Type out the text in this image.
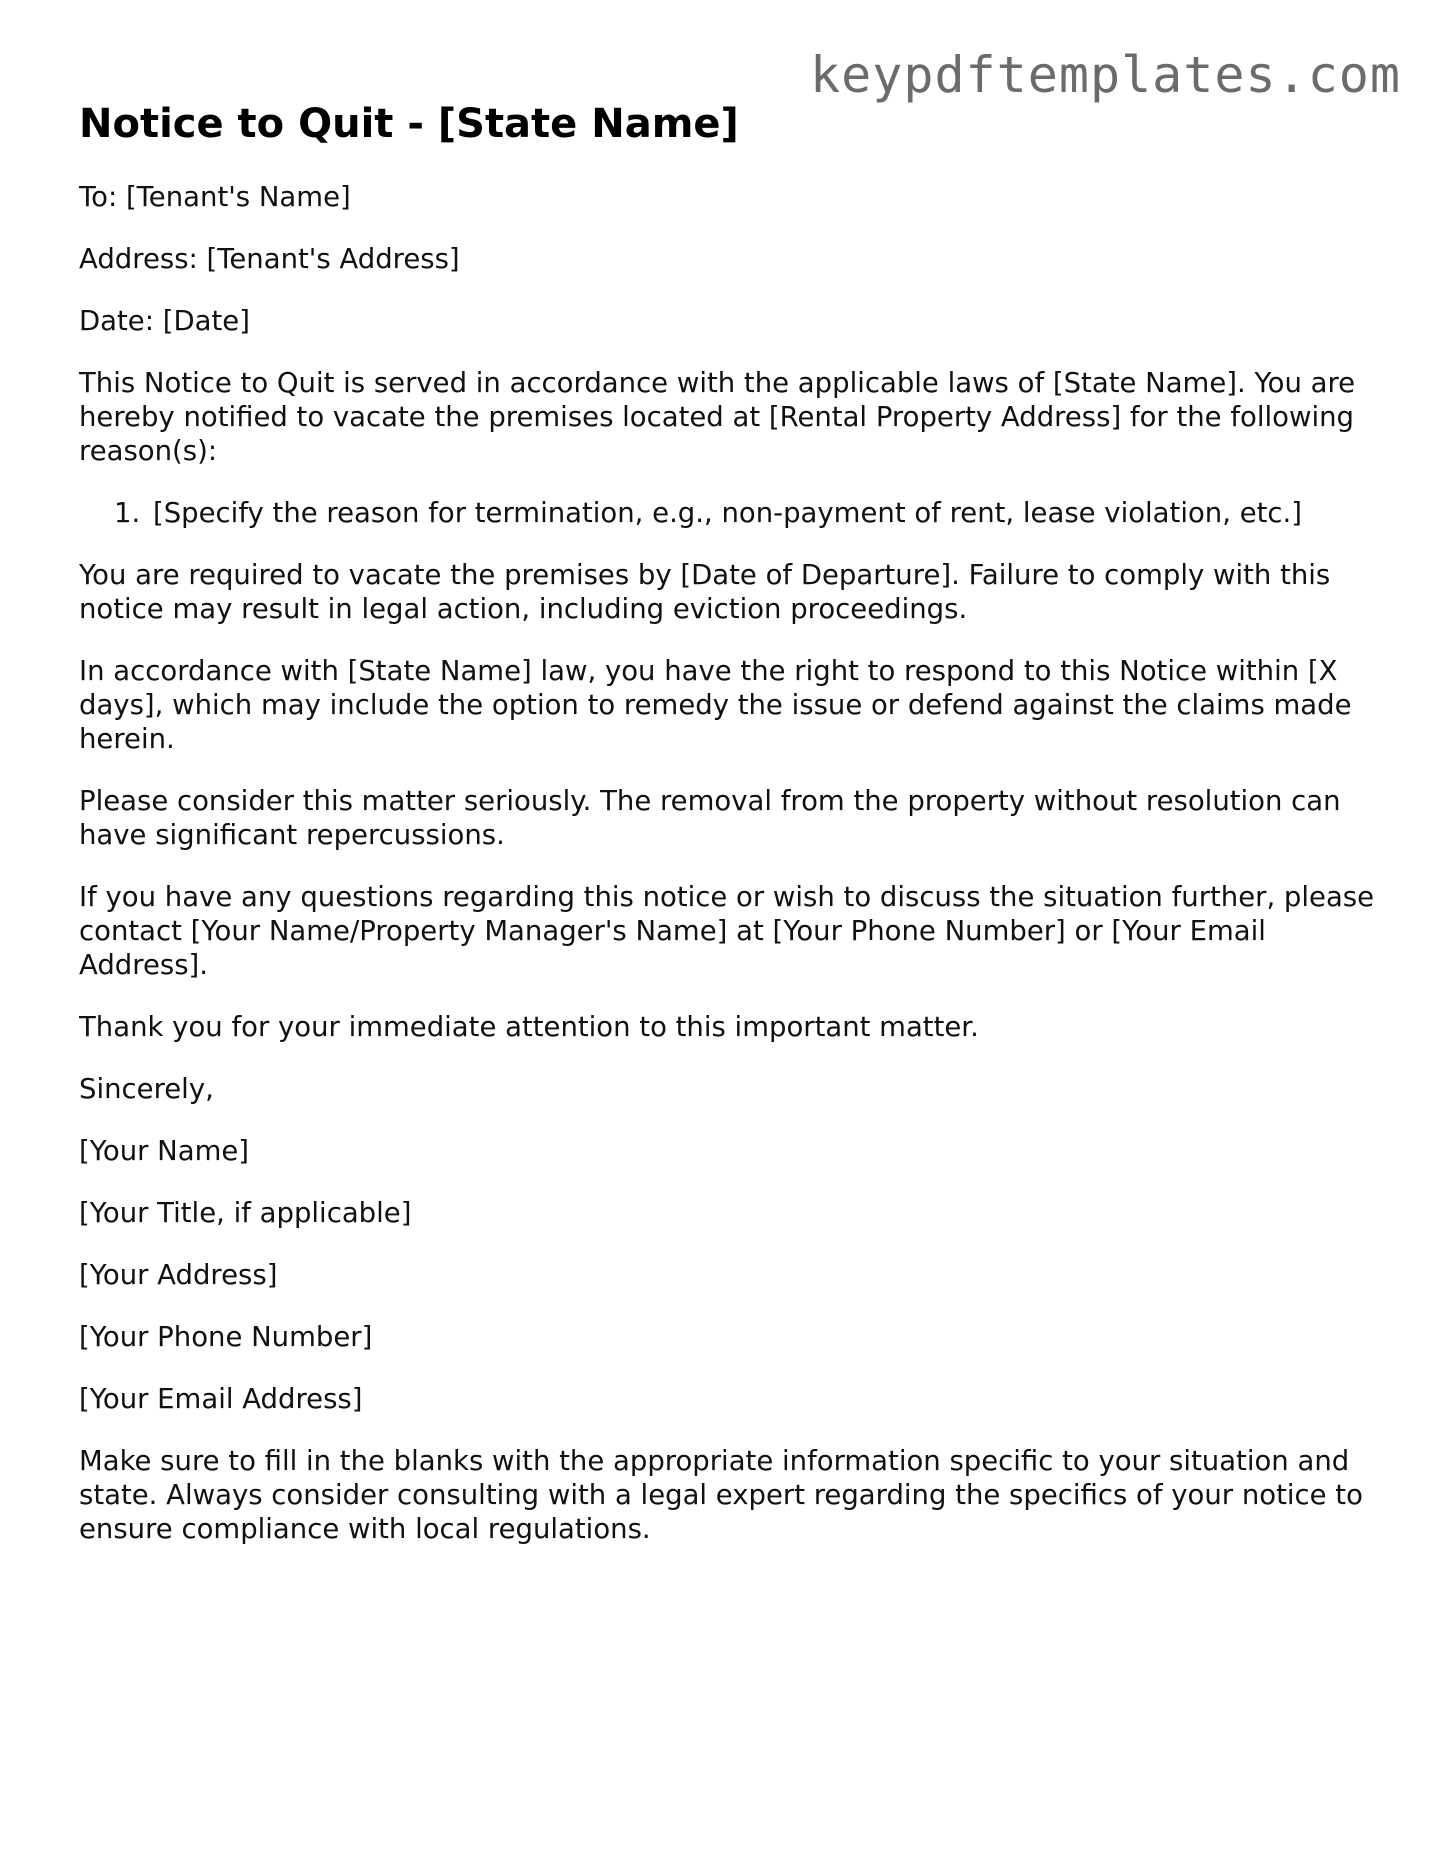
keypdftemplates.com
Notice to Quit - [State Name]

To: [Tenant's Name]

Address: [Tenant's Address]

Date: [Date]

This Notice to Quit is served in accordance with the applicable laws of [State Name]. You are hereby notified to vacate the premises located at [Rental Property Address] for the following reason(s):

1. [Specify the reason for termination, e.g., non-payment of rent, lease violation, etc.]

You are required to vacate the premises by [Date of Departure]. Failure to comply with this notice may result in legal action, including eviction proceedings.

In accordance with [State Name] law, you have the right to respond to this Notice within [X days], which may include the option to remedy the issue or defend against the claims made herein.

Please consider this matter seriously. The removal from the property without resolution can have significant repercussions.

If you have any questions regarding this notice or wish to discuss the situation further, please contact [Your Name/Property Manager's Name] at [Your Phone Number] or [Your Email Address].

Thank you for your immediate attention to this important matter.

Sincerely,

[Your Name]

[Your Title, if applicable]

[Your Address]

[Your Phone Number]

[Your Email Address]

Make sure to fill in the blanks with the appropriate information specific to your situation and state. Always consider consulting with a legal expert regarding the specifics of your notice to ensure compliance with local regulations.
